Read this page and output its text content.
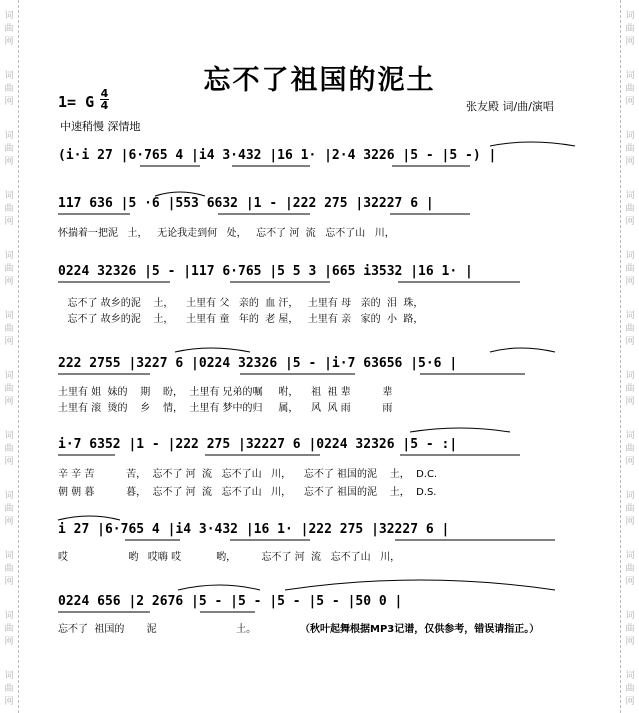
词
曲
网
词
曲
网
词
曲
网
词
曲
网
词
曲
网
词
曲
网
词
曲
网
词
曲
网
词
曲
网
词
曲
网
词
曲
网
词
曲
网
词
曲
网
词
曲
网
词
曲
网
词
曲
网
词
曲
网
词
曲
网
词
曲
网
词
曲
网
词
曲
网
词
曲
网
词
曲
网
词
曲
网
忘不了祖国的泥土
1= G 4
4
中速稍慢 深情地
张友殿 词/曲/演唱
(i·i 27 |6·765 4 |i4 3·432 |16 1· |2·4 3226 |5 - |5 -) |
117 636 |5 ·6 |553 6632 |1 - |222 275 |32227 6 |
怀揣着一把泥   土，   无论我走到何   处，   忘不了 河  流   忘不了山   川，
0224 32326 |5 - |117 6·765 |5 5 3 |665 i3532 |16 1· |
忘不了 故乡的泥    土，    土里有 父   亲的  血 汗，   土里有 母   亲的  泪  珠，
忘不了 故乡的泥    土，    土里有 童   年的  老 屋，   土里有 亲   家的  小  路，
222 2755 |3227 6 |0224 32326 |5 - |i·7 63656 |5·6 |
土里有 姐  妹的    期    盼，  土里有 兄弟的嘱     咐，    祖  祖 辈          辈
土里有 滚  烫的    乡    情，  土里有 梦中的归     属，    风  风 雨          雨
i·7 6352 |1 - |222 275 |32227 6 |0224 32326 |5 - :|
辛 辛 苦          苦，  忘不了 河  流   忘不了山   川，    忘不了 祖国的泥    土，  D.C.
朝 朝 暮          暮，  忘不了 河  流   忘不了山   川，    忘不了 祖国的泥    土，  D.S.
i 27 |6·765 4 |i4 3·432 |16 1· |222 275 |32227 6 |
哎                   哟   哎嗨 哎           哟，        忘不了 河  流   忘不了山   川，
0224 656 |2 2676 |5 - |5 - |5 - |5 - |50 0 |
忘不了  祖国的       泥                         土。	（秋叶起舞根据MP3记谱，仅供参考，错误请指正。）
